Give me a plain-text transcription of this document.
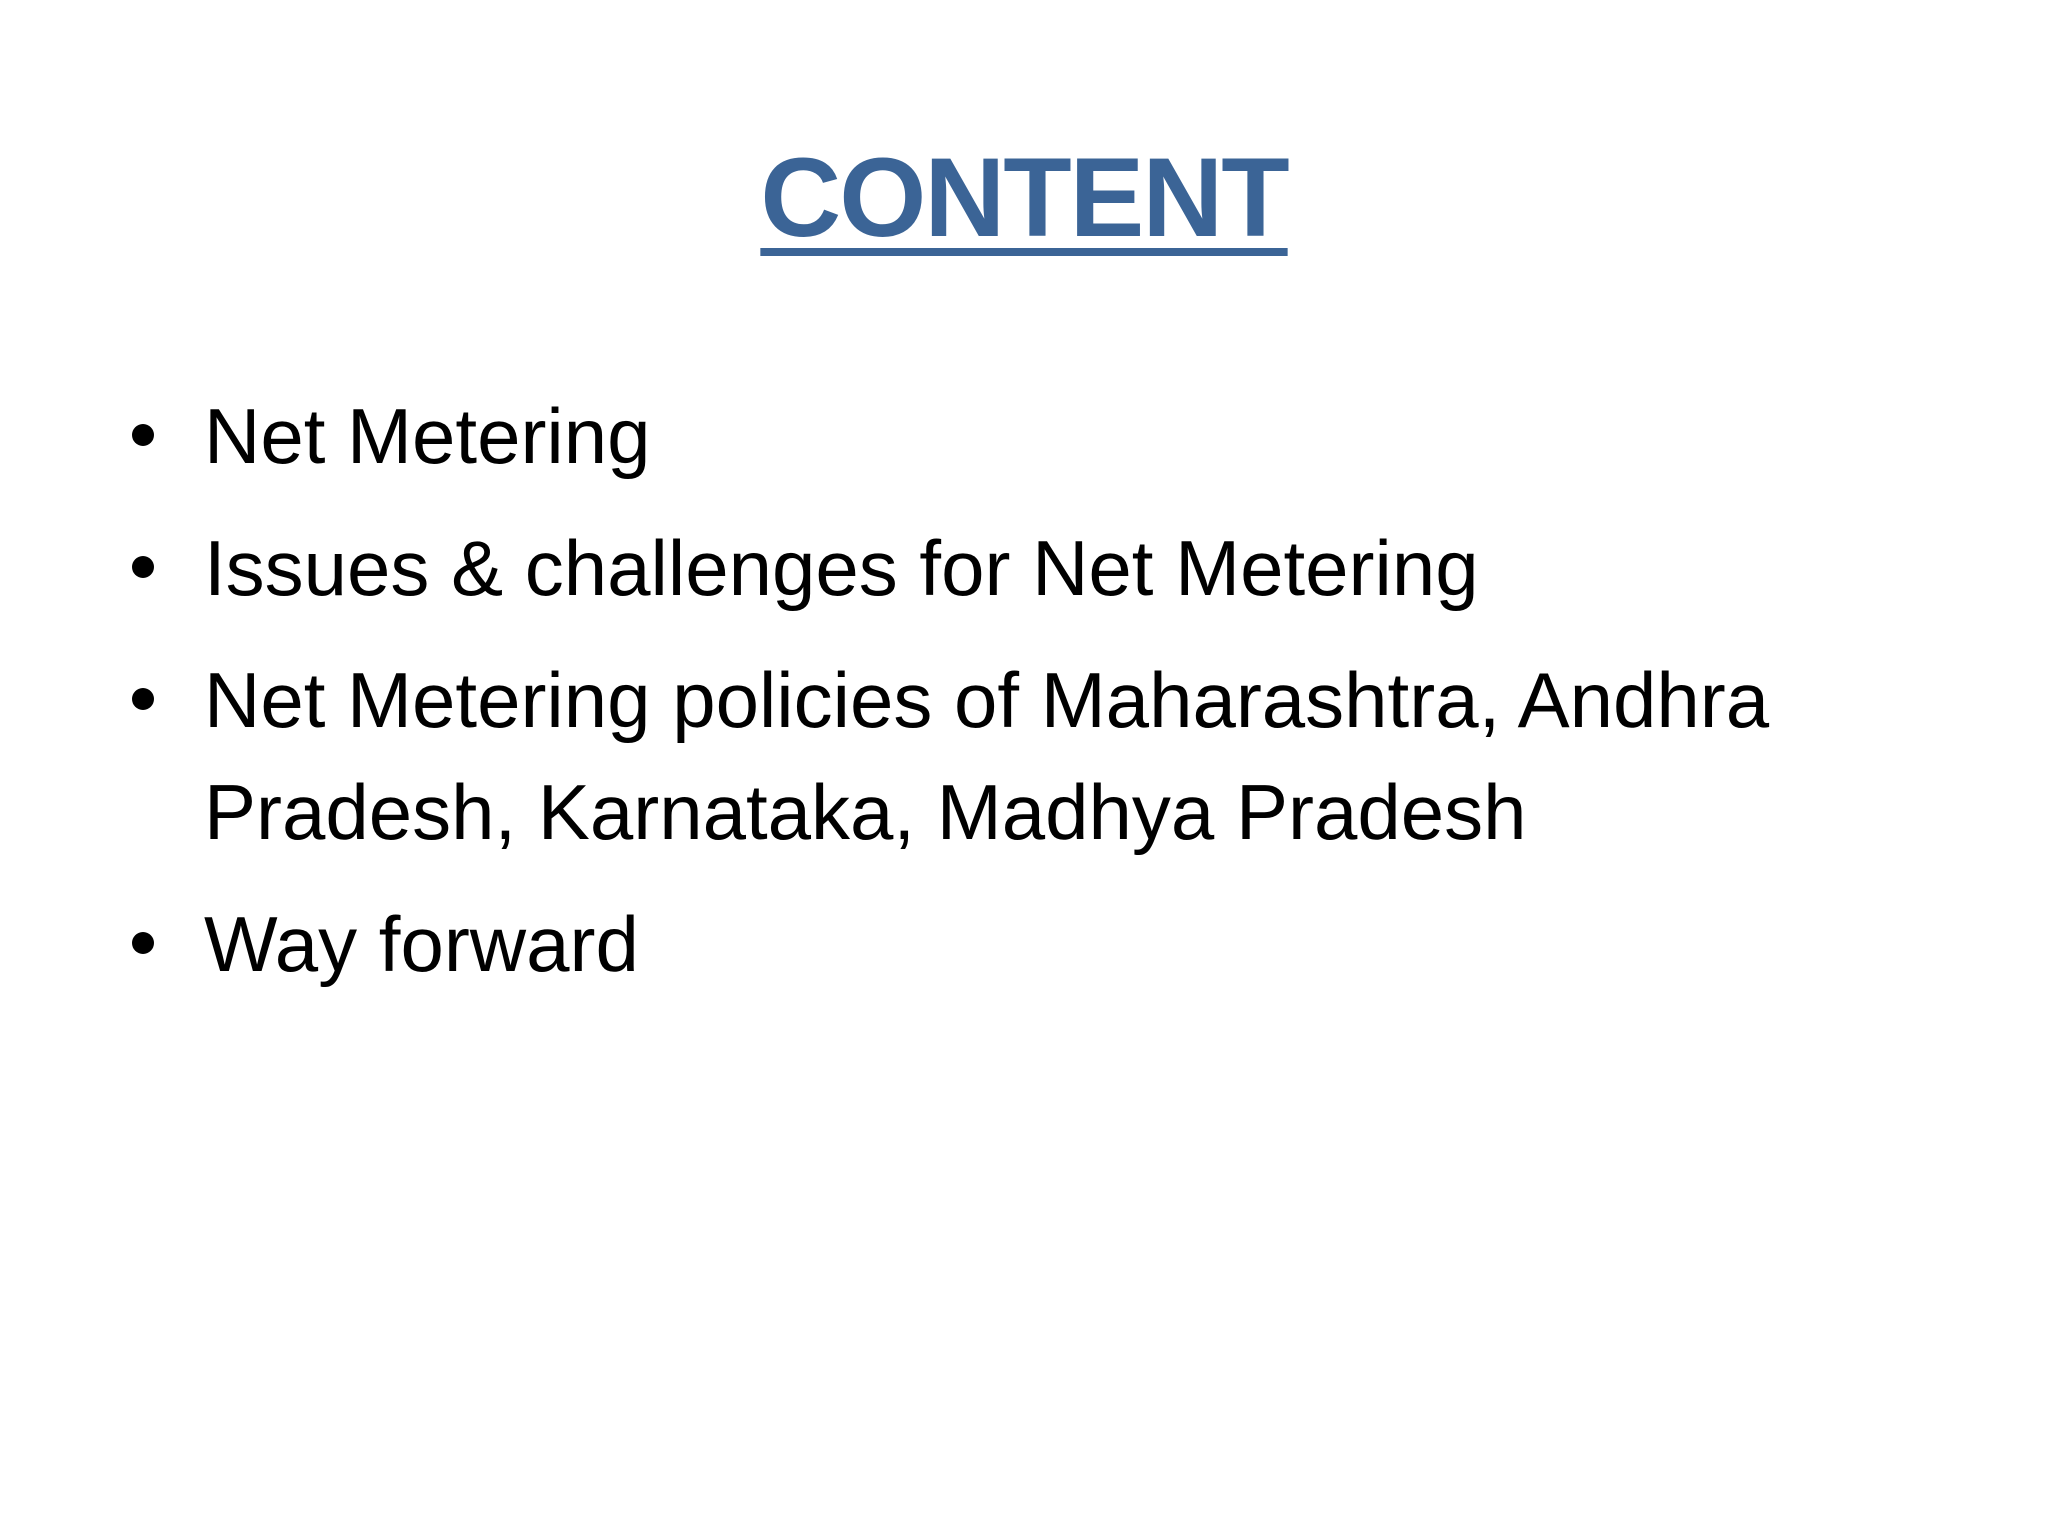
CONTENT
Net Metering
Issues & challenges for Net Metering
Net Metering policies of Maharashtra, Andhra Pradesh, Karnataka, Madhya Pradesh
Way forward
